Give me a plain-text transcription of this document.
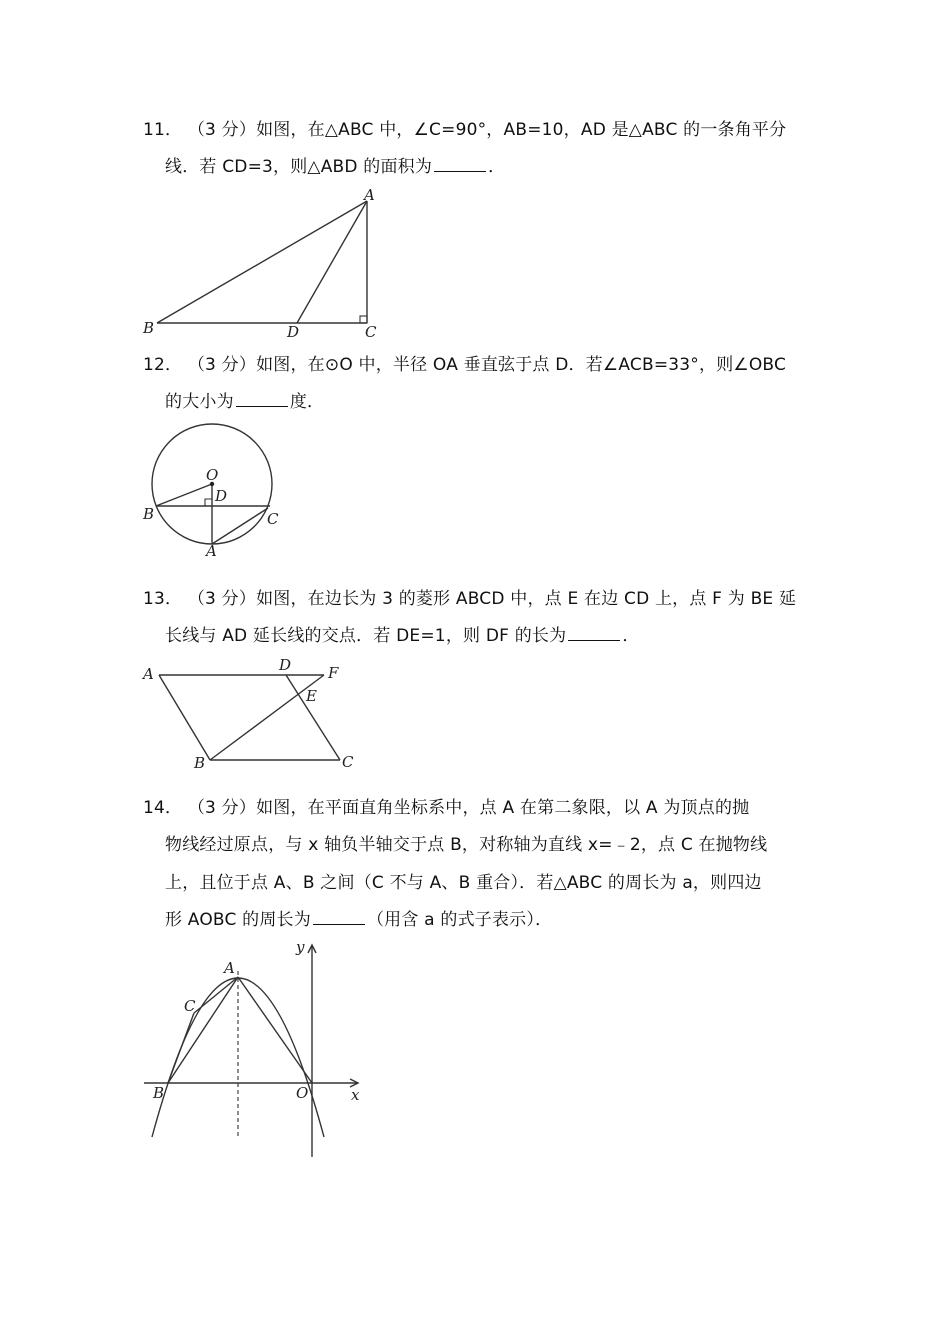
11． （3 分）如图，在△ABC 中，∠C=90°，AB=10，AD 是△ABC 的一条角平分
线．若 CD=3，则△ABD 的面积为	．
A
B	D	C
12． （3 分）如图，在⊙O 中，半径 OA 垂直弦于点 D．若∠ACB=33°，则∠OBC
的大小为	度．
O
D
B	C
A
13． （3 分）如图，在边长为 3 的菱形 ABCD 中，点 E 在边 CD 上，点 F 为 BE 延
长线与 AD 延长线的交点．若 DE=1，则 DF 的长为	．
A	D F
E
B	C
14． （3 分）如图，在平面直角坐标系中，点 A 在第二象限，以 A 为顶点的抛
物线经过原点，与 x 轴负半轴交于点 B，对称轴为直线 x=﹣2，点 C 在抛物线
上，且位于点 A、B 之间（C 不与 A、B 重合）．若△ABC 的周长为 a，则四边
形 AOBC 的周长为	（用含 a 的式子表示）．
y
A
C
B	O	x
